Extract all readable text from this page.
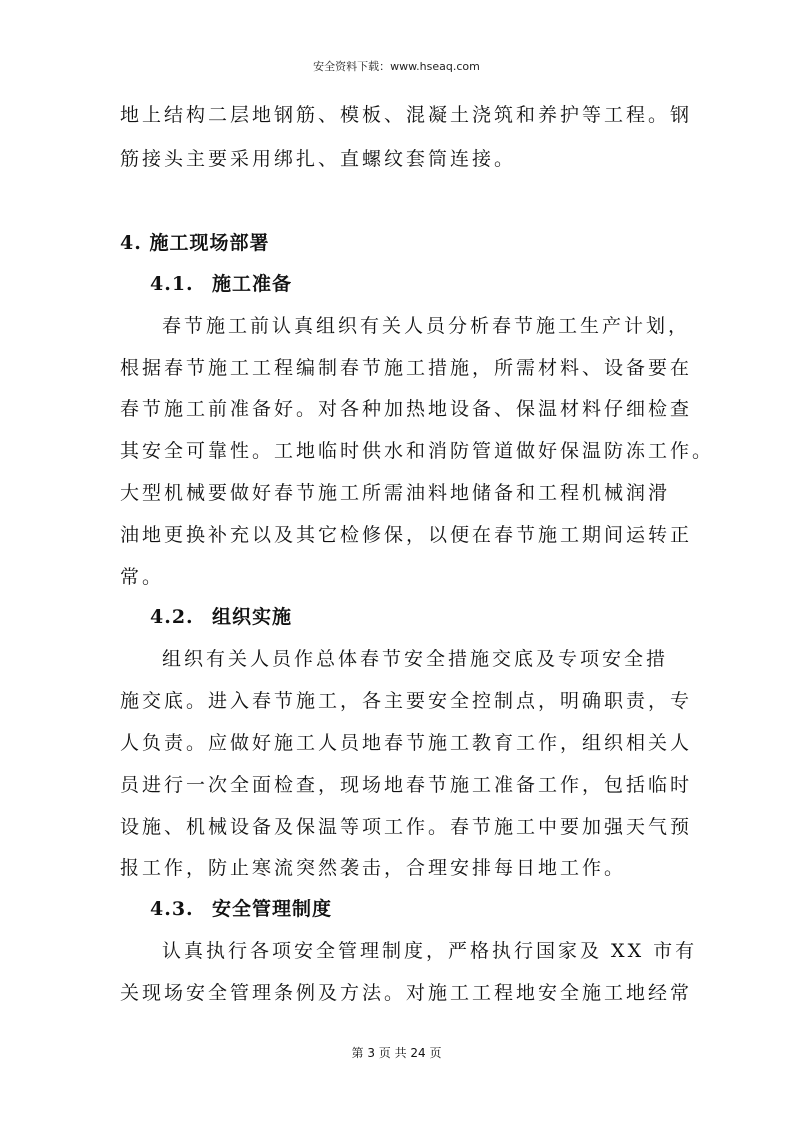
安全资料下载：www.hseaq.com
地上结构二层地钢筋、模板、混凝土浇筑和养护等工程。钢
筋接头主要采用绑扎、直螺纹套筒连接。
4. 施工现场部署
4.1. 施工准备
春节施工前认真组织有关人员分析春节施工生产计划，
根据春节施工工程编制春节施工措施，所需材料、设备要在
春节施工前准备好。对各种加热地设备、保温材料仔细检查
其安全可靠性。工地临时供水和消防管道做好保温防冻工作。
大型机械要做好春节施工所需油料地储备和工程机械润滑
油地更换补充以及其它检修保，以便在春节施工期间运转正
常。
4.2. 组织实施
组织有关人员作总体春节安全措施交底及专项安全措
施交底。进入春节施工，各主要安全控制点，明确职责，专
人负责。应做好施工人员地春节施工教育工作，组织相关人
员进行一次全面检查，现场地春节施工准备工作，包括临时
设施、机械设备及保温等项工作。春节施工中要加强天气预
报工作，防止寒流突然袭击，合理安排每日地工作。
4.3. 安全管理制度
认真执行各项安全管理制度，严格执行国家及 XX 市有
关现场安全管理条例及方法。对施工工程地安全施工地经常
第 3 页 共 24 页
